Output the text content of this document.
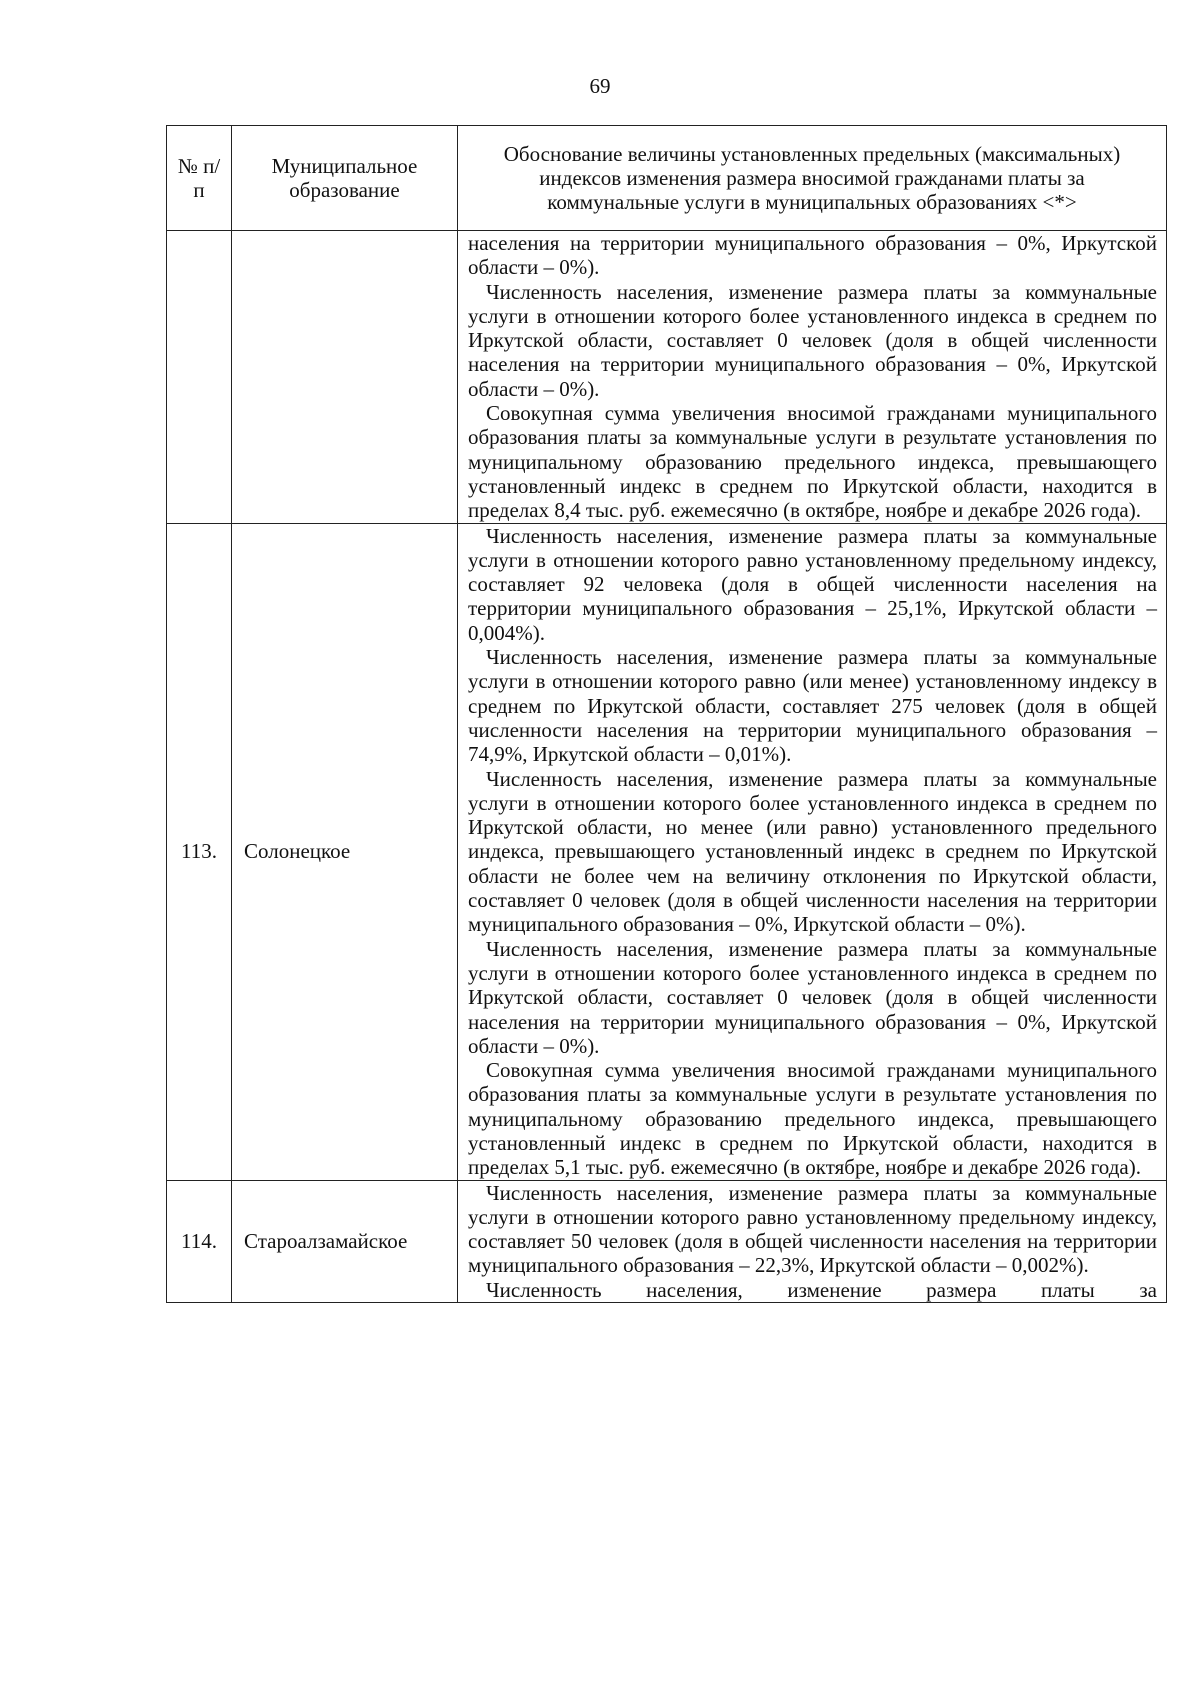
69
№ п/п	Муниципальное образование	Обоснование величины установленных предельных (максимальных) индексов изменения размера вносимой гражданами платы за коммунальные услуги в муниципальных образованиях <*>

		населения на территории муниципального образования – 0%, Иркутской области – 0%).

Численность населения, изменение размера платы за коммунальные услуги в отношении которого более установленного индекса в среднем по Иркутской области, составляет 0 человек (доля в общей численности населения на территории муниципального образования – 0%, Иркутской области – 0%).

Совокупная сумма увеличения вносимой гражданами муниципального образования платы за коммунальные услуги в результате установления по муниципальному образованию предельного индекса, превышающего установленный индекс в среднем по Иркутской области, находится в пределах 8,4 тыс. руб. ежемесячно (в октябре, ноябре и декабре 2026 года).

113.	Солонецкое	Численность населения, изменение размера платы за коммунальные услуги в отношении которого равно установленному предельному индексу, составляет 92 человека (доля в общей численности населения на территории муниципального образования – 25,1%, Иркутской области – 0,004%).

Численность населения, изменение размера платы за коммунальные услуги в отношении которого равно (или менее) установленному индексу в среднем по Иркутской области, составляет 275 человек (доля в общей численности населения на территории муниципального образования – 74,9%, Иркутской области – 0,01%).

Численность населения, изменение размера платы за коммунальные услуги в отношении которого более установленного индекса в среднем по Иркутской области, но менее (или равно) установленного предельного индекса, превышающего установленный индекс в среднем по Иркутской области не более чем на величину отклонения по Иркутской области, составляет 0 человек (доля в общей численности населения на территории муниципального образования – 0%, Иркутской области – 0%).

Численность населения, изменение размера платы за коммунальные услуги в отношении которого более установленного индекса в среднем по Иркутской области, составляет 0 человек (доля в общей численности населения на территории муниципального образования – 0%, Иркутской области – 0%).

Совокупная сумма увеличения вносимой гражданами муниципального образования платы за коммунальные услуги в результате установления по муниципальному образованию предельного индекса, превышающего установленный индекс в среднем по Иркутской области, находится в пределах 5,1 тыс. руб. ежемесячно (в октябре, ноябре и декабре 2026 года).

114.	Староалзамайское	Численность населения, изменение размера платы за коммунальные услуги в отношении которого равно установленному предельному индексу, составляет 50 человек (доля в общей численности населения на территории муниципального образования – 22,3%, Иркутской области – 0,002%).

Численность населения, изменение размера платы за
